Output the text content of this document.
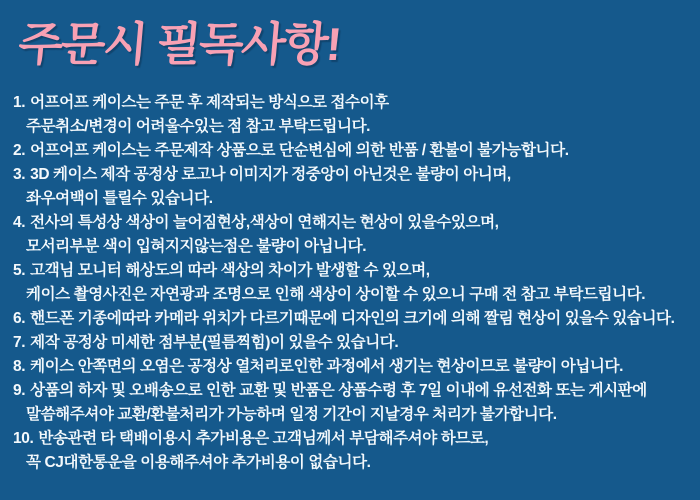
주문시 필독사항!
1. 어프어프 케이스는 주문 후 제작되는 방식으로 접수이후
주문취소/변경이 어려울수있는 점 참고 부탁드립니다.
2. 어프어프 케이스는 주문제작 상품으로 단순변심에 의한 반품 / 환불이 불가능합니다.
3. 3D 케이스 제작 공정상 로고나 이미지가 정중앙이 아닌것은 불량이 아니며,
좌우여백이 틀릴수 있습니다.
4. 전사의 특성상 색상이 늘어짐현상,색상이 연해지는 현상이 있을수있으며,
모서리부분 색이 입혀지지않는점은 불량이 아닙니다.
5. 고객님 모니터 해상도의 따라 색상의 차이가 발생할 수 있으며,
케이스 촬영사진은 자연광과 조명으로 인해 색상이 상이할 수 있으니 구매 전 참고 부탁드립니다.
6. 핸드폰 기종에따라 카메라 위치가 다르기때문에 디자인의 크기에 의해 짤림 현상이 있을수 있습니다.
7. 제작 공정상 미세한 점부분(필름찍힘)이 있을수 있습니다.
8. 케이스 안쪽면의 오염은 공정상 열처리로인한 과정에서 생기는 현상이므로 불량이 아닙니다.
9. 상품의 하자 및 오배송으로 인한 교환 및 반품은 상품수령 후 7일 이내에 유선전화 또는 게시판에
말씀해주셔야 교환/환불처리가 가능하며 일정 기간이 지날경우 처리가 불가합니다.
10. 반송관련 타 택배이용시 추가비용은 고객님께서 부담해주셔야 하므로,
꼭 CJ대한통운을 이용해주셔야 추가비용이 없습니다.
